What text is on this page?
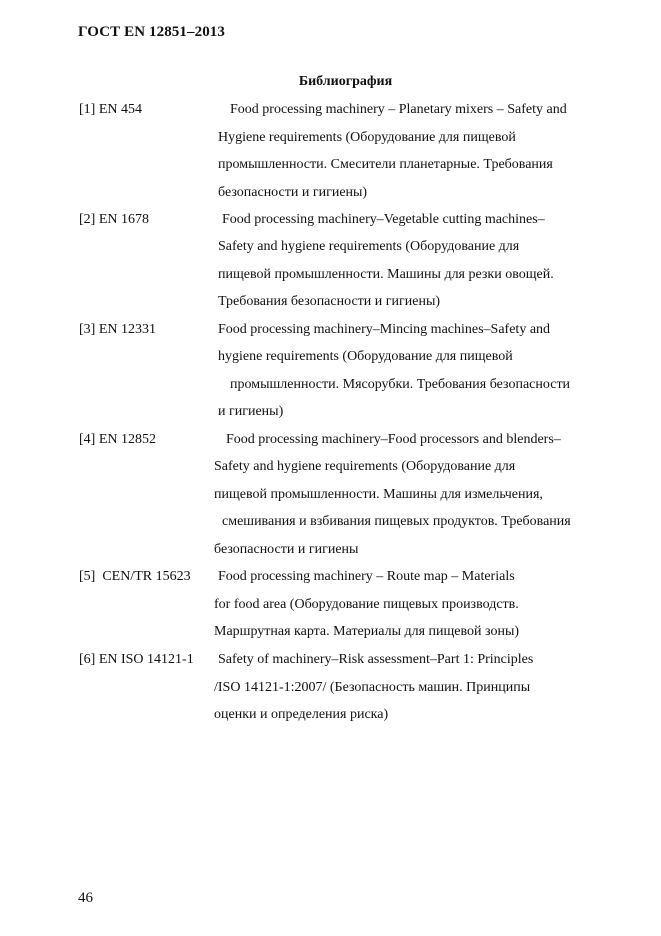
ГОСТ EN 12851–2013
Библиография
[1] EN 454	Food processing machinery – Planetary mixers – Safety and
Hygiene requirements (Оборудование для пищевой
промышленности. Смесители планетарные. Требования
безопасности и гигиены)
[2] EN 1678	Food processing machinery–Vegetable cutting machines–
Safety and hygiene requirements (Оборудование для
пищевой промышленности. Машины для резки овощей.
Требования безопасности и гигиены)
[3] EN 12331	Food processing machinery–Mincing machines–Safety and
hygiene requirements (Оборудование для пищевой
промышленности. Мясорубки. Требования безопасности
и гигиены)
[4] EN 12852	Food processing machinery–Food processors and blenders–
Safety and hygiene requirements (Оборудование для
пищевой промышленности. Машины для измельчения,
смешивания и взбивания пищевых продуктов. Требования
безопасности и гигиены
[5]  CEN/TR 15623 Food processing machinery – Route map – Materials
for food area (Оборудование пищевых производств.
Маршрутная карта. Материалы для пищевой зоны)
[6] EN ISO 14121-1 Safety of machinery–Risk assessment–Part 1: Principles
/ISO 14121-1:2007/ (Безопасность машин. Принципы
оценки и определения риска)
46
